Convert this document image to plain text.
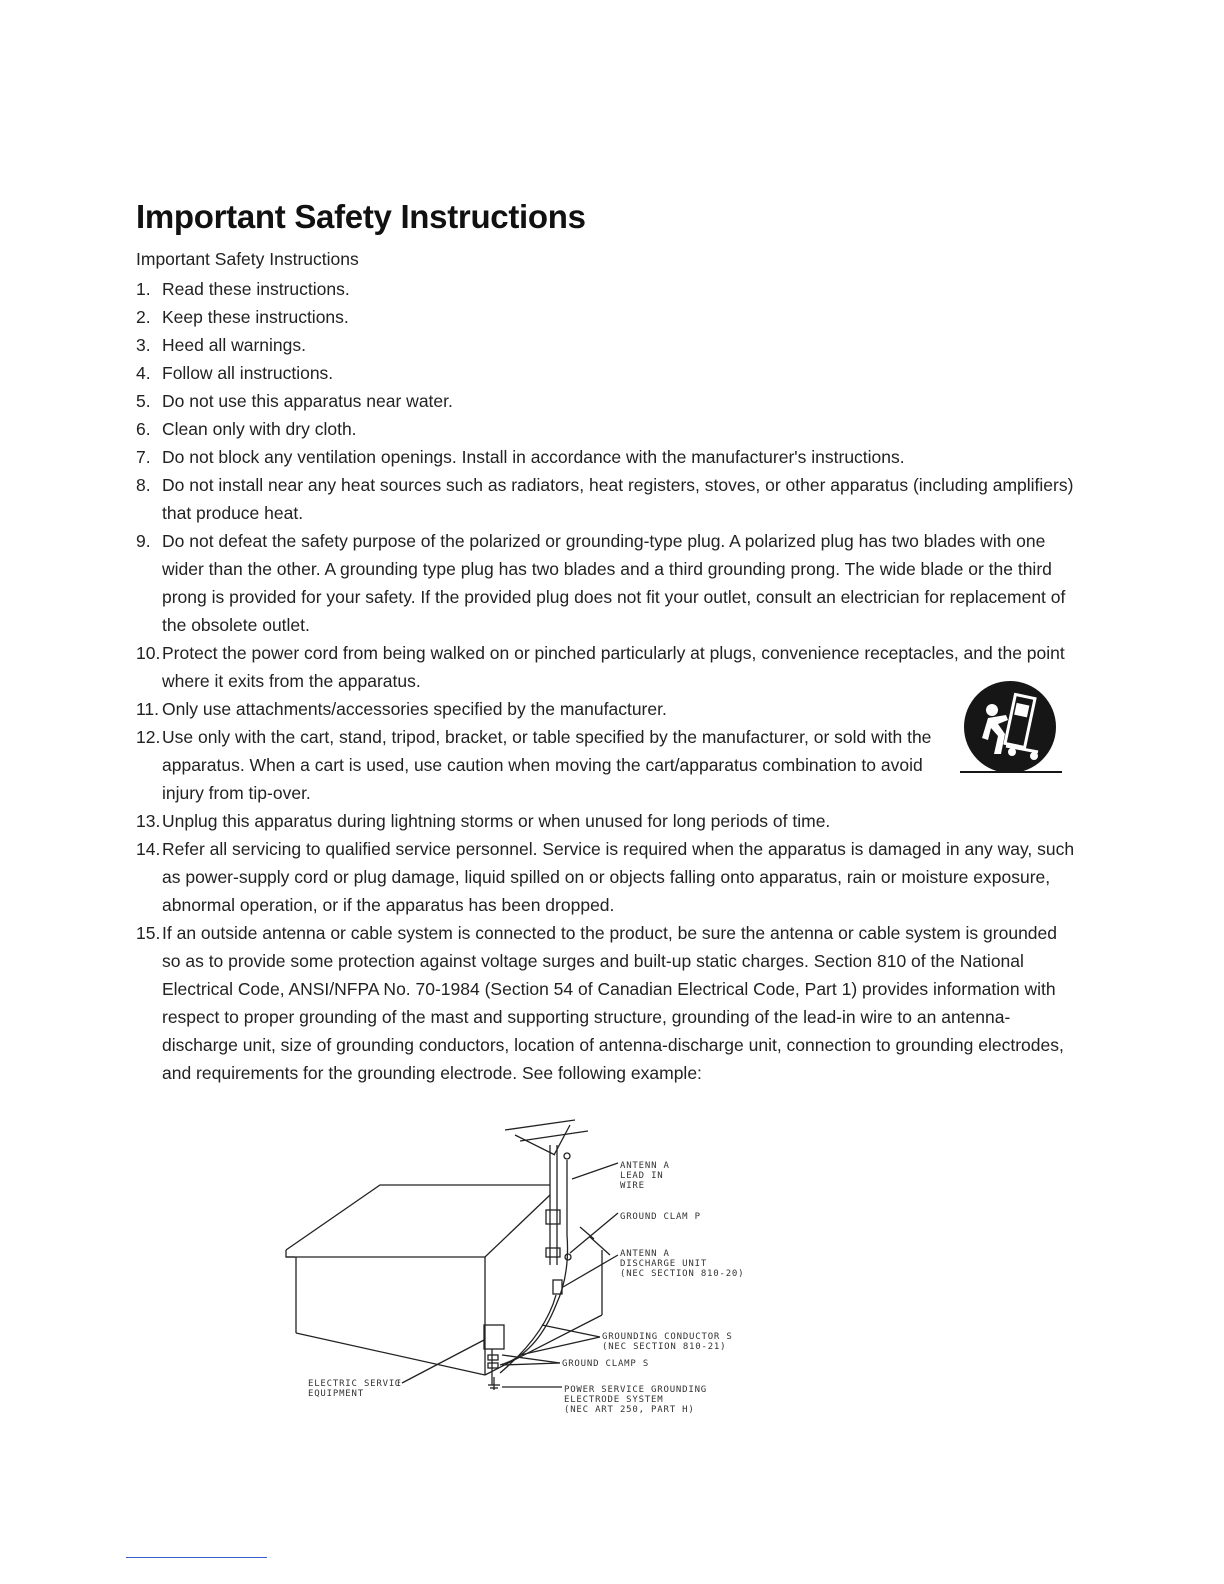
Important Safety Instructions
Important Safety Instructions
1. Read these instructions.
2. Keep these instructions.
3. Heed all warnings.
4. Follow all instructions.
5. Do not use this apparatus near water.
6. Clean only with dry cloth.
7. Do not block any ventilation openings. Install in accordance with the manufacturer's instructions.
8. Do not install near any heat sources such as radiators, heat registers, stoves, or other apparatus (including amplifiers) that produce heat.
9. Do not defeat the safety purpose of the polarized or grounding-type plug. A polarized plug has two blades with one wider than the other. A grounding type plug has two blades and a third grounding prong. The wide blade or the third prong is provided for your safety. If the provided plug does not fit your outlet, consult an electrician for replacement of the obsolete outlet.
10. Protect the power cord from being walked on or pinched particularly at plugs, convenience receptacles, and the point where it exits from the apparatus.
11. Only use attachments/accessories specified by the manufacturer.
12. Use only with the cart, stand, tripod, bracket, or table specified by the manufacturer, or sold with the apparatus. When a cart is used, use caution when moving the cart/apparatus combination to avoid injury from tip-over.
13. Unplug this apparatus during lightning storms or when unused for long periods of time.
14. Refer all servicing to qualified service personnel. Service is required when the apparatus is damaged in any way, such as power-supply cord or plug damage, liquid spilled on or objects falling onto apparatus, rain or moisture exposure, abnormal operation, or if the apparatus has been dropped.
15. If an outside antenna or cable system is connected to the product, be sure the antenna or cable system is grounded so as to provide some protection against voltage surges and built-up static charges. Section 810 of the National Electrical Code, ANSI/NFPA No. 70-1984 (Section 54 of Canadian Electrical Code, Part 1) provides information with respect to proper grounding of the mast and supporting structure, grounding of the lead-in wire to an antenna-discharge unit, size of grounding conductors, location of antenna-discharge unit, connection to grounding electrodes, and requirements for the grounding electrode. See following example:
ANTENN A
LEAD IN
WIRE
GROUND CLAM P
ANTENN A
DISCHARGE UNIT
(NEC SECTION 810-20)
GROUNDING CONDUCTOR S
(NEC SECTION 810-21)
GROUND CLAMP S
ELECTRIC SERVIŒ
EQUIPMENT	POWER SERVICE GROUNDING
ELECTRODE SYSTEM
(NEC ART 250, PART H)
